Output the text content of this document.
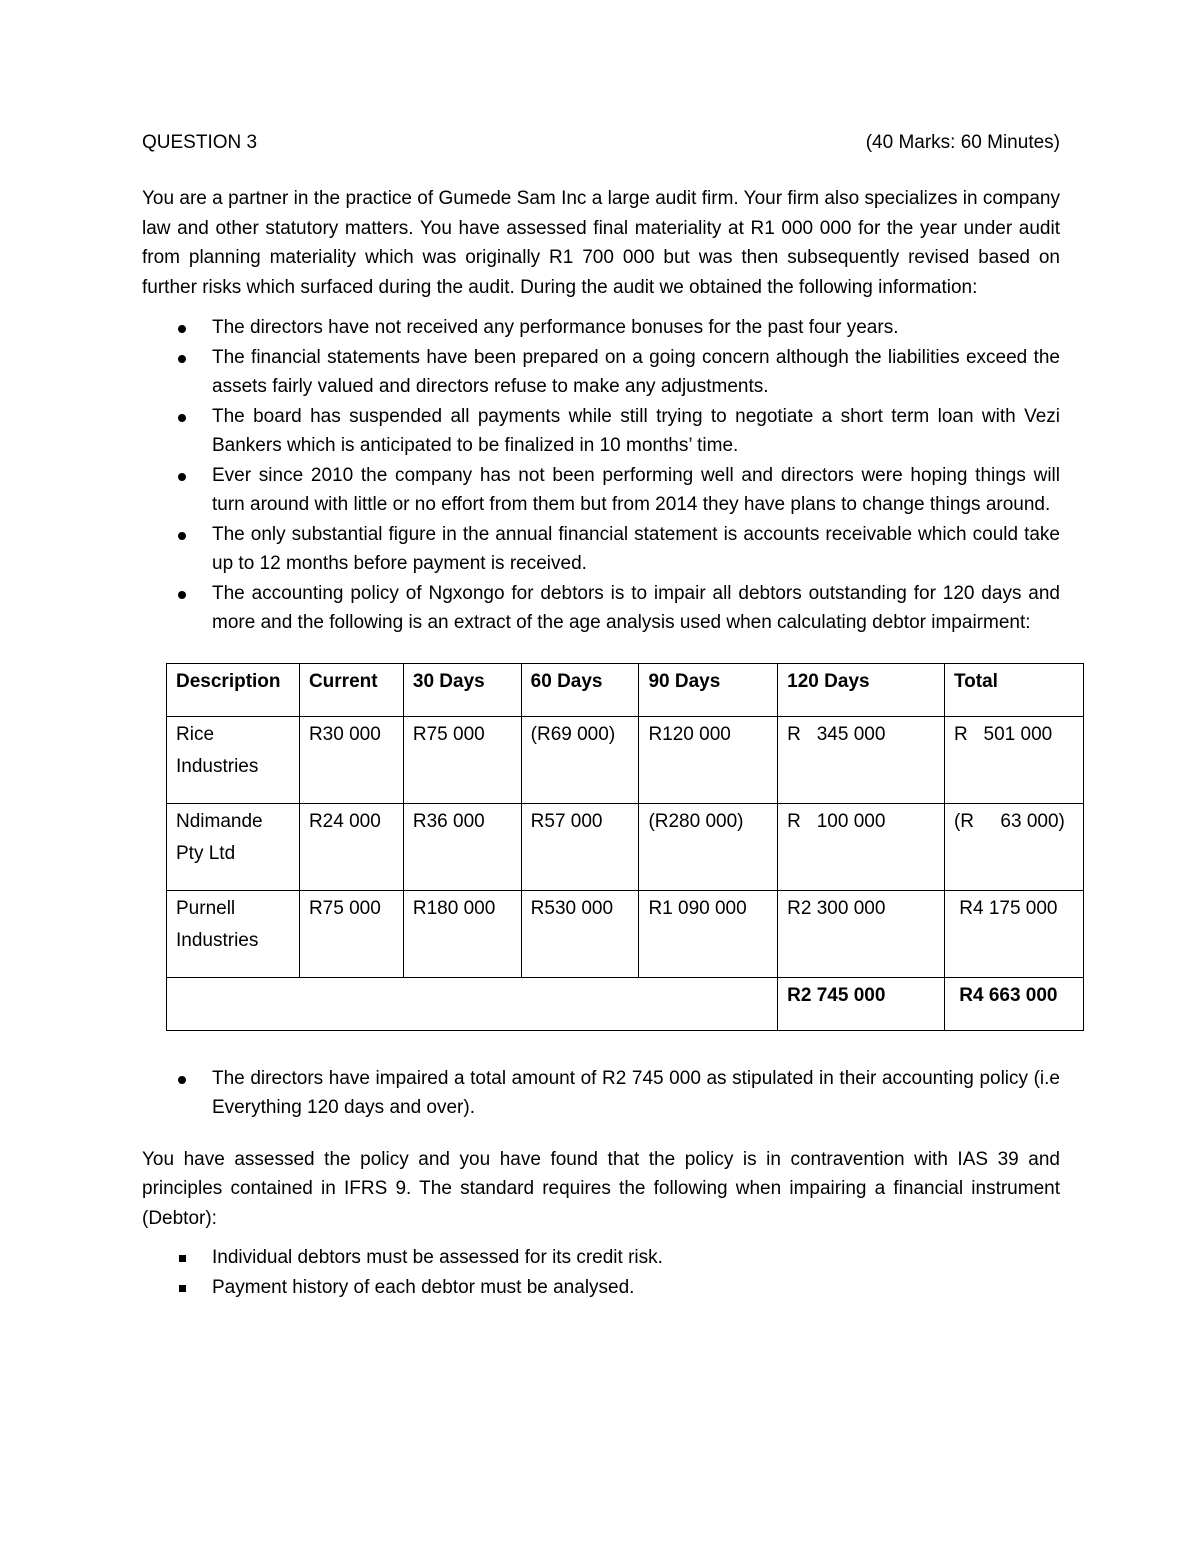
QUESTION 3	(40 Marks: 60 Minutes)

You are a partner in the practice of Gumede Sam Inc a large audit firm. Your firm also specializes in company law and other statutory matters. You have assessed final materiality at R1 000 000 for the year under audit from planning materiality which was originally R1 700 000 but was then subsequently revised based on further risks which surfaced during the audit. During the audit we obtained the following information:

The directors have not received any performance bonuses for the past four years.
The financial statements have been prepared on a going concern although the liabilities exceed the assets fairly valued and directors refuse to make any adjustments.
The board has suspended all payments while still trying to negotiate a short term loan with Vezi Bankers which is anticipated to be finalized in 10 months’ time.
Ever since 2010 the company has not been performing well and directors were hoping things will turn around with little or no effort from them but from 2014 they have plans to change things around.
The only substantial figure in the annual financial statement is accounts receivable which could take up to 12 months before payment is received.
The accounting policy of Ngxongo for debtors is to impair all debtors outstanding for 120 days and more and the following is an extract of the age analysis used when calculating debtor impairment:
Description	Current	30 Days	60 Days	90 Days	120 Days	Total
Rice Industries	R30 000	R75 000	(R69 000)	R120 000	R   345 000	R   501 000
Ndimande Pty Ltd	R24 000	R36 000	R57 000	(R280 000)	R   100 000	(R     63 000)
Purnell Industries	R75 000	R180 000	R530 000	R1 090 000	R2 300 000	R4 175 000
					R2 745 000	R4 663 000
The directors have impaired a total amount of R2 745 000 as stipulated in their accounting policy (i.e Everything 120 days and over).

You have assessed the policy and you have found that the policy is in contravention with IAS 39 and principles contained in IFRS 9. The standard requires the following when impairing a financial instrument (Debtor):

Individual debtors must be assessed for its credit risk.
Payment history of each debtor must be analysed.
